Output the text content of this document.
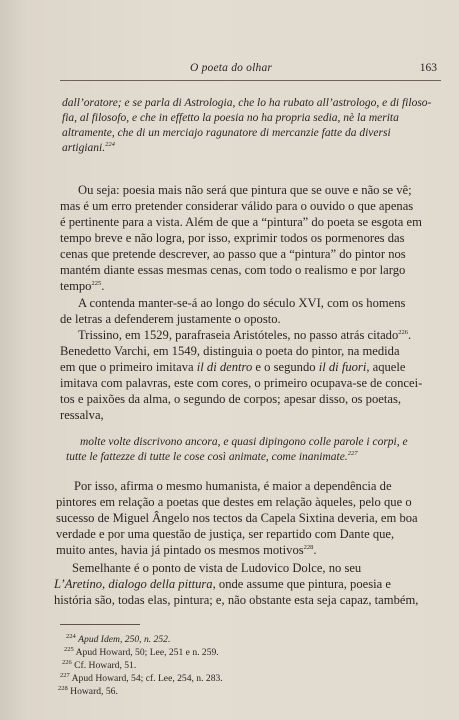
O poeta do olhar	163
dall’oratore; e se parla di Astrologia, che lo ha rubato all’astrologo, e di filoso-
fia, al filosofo, e che in effetto la poesia no ha propria sedia, nè la merita
altramente, che di un merciajo ragunatore di mercanzie fatte da diversi
artigiani.$^{224}$
Ou seja: poesia mais não será que pintura que se ouve e não se vê;
mas é um erro pretender considerar válido para o ouvido o que apenas
é pertinente para a vista. Além de que a “pintura” do poeta se esgota em
tempo breve e não logra, por isso, exprimir todos os pormenores das
cenas que pretende descrever, ao passo que a “pintura” do pintor nos
mantém diante essas mesmas cenas, com todo o realismo e por largo
tempo$^{225}$.
A contenda manter-se-á ao longo do século XVI, com os homens
de letras a defenderem justamente o oposto.
Trissino, em 1529, parafraseia Aristóteles, no passo atrás citado$^{226}$.
Benedetto Varchi, em 1549, distinguia o poeta do pintor, na medida
em que o primeiro imitava il di dentro e o segundo il di fuori, aquele
imitava com palavras, este com cores, o primeiro ocupava-se de concei-
tos e paixões da alma, o segundo de corpos; apesar disso, os poetas,
ressalva,
molte volte discrivono ancora, e quasi dipingono colle parole i corpi, e
tutte le fattezze di tutte le cose così animate, come inanimate.$^{227}$
Por isso, afirma o mesmo humanista, é maior a dependência de
pintores em relação a poetas que destes em relação àqueles, pelo que o
sucesso de Miguel Ângelo nos tectos da Capela Sixtina deveria, em boa
verdade e por uma questão de justiça, ser repartido com Dante que,
muito antes, havia já pintado os mesmos motivos$^{228}$.
Semelhante é o ponto de vista de Ludovico Dolce, no seu
L’Aretino, dialogo della pittura, onde assume que pintura, poesia e
história são, todas elas, pintura; e, não obstante esta seja capaz, também,
$^{224}$ Apud Idem, 250, n. 252.
$^{225}$ Apud Howard, 50; Lee, 251 e n. 259.
$^{226}$ Cf. Howard, 51.
$^{227}$ Apud Howard, 54; cf. Lee, 254, n. 283.
$^{228}$ Howard, 56.
